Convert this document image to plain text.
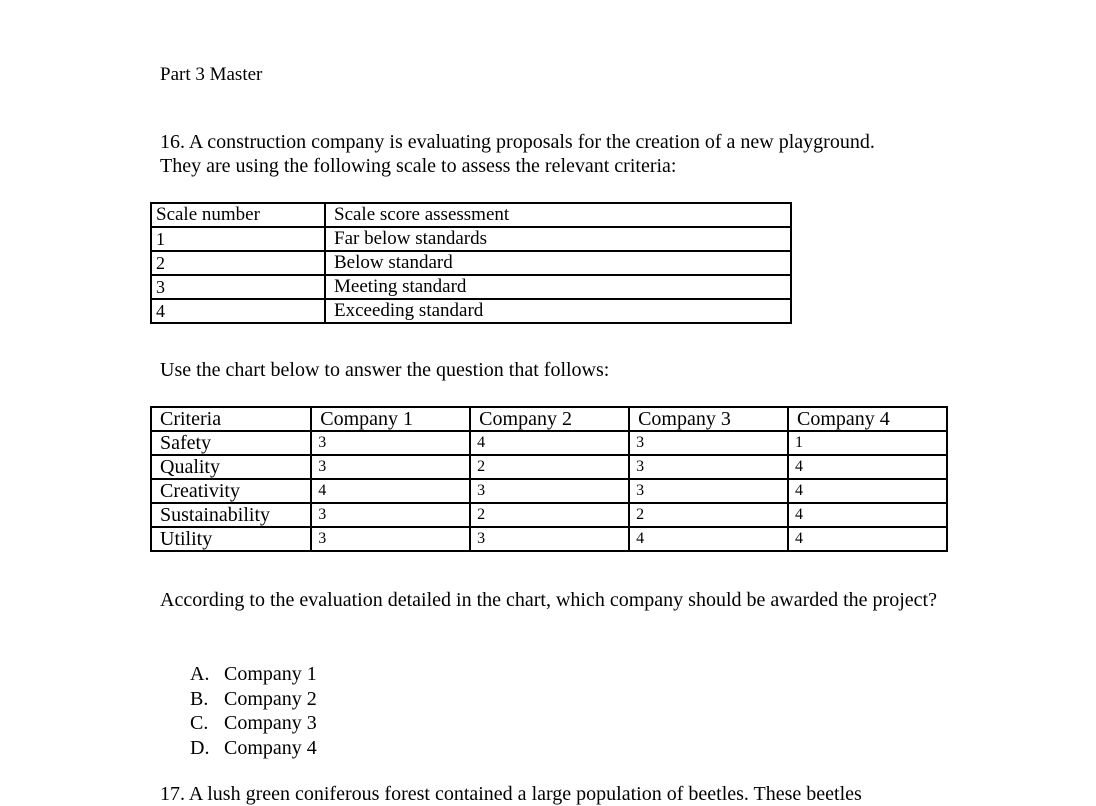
Part 3 Master
16. A construction company is evaluating proposals for the creation of a new playground. They are using the following scale to assess the relevant criteria:
Scale number	Scale score assessment
1	Far below standards
2	Below standard
3	Meeting standard
4	Exceeding standard
Use the chart below to answer the question that follows:
Criteria	Company 1	Company 2	Company 3	Company 4
Safety	3	4	3	1
Quality	3	2	3	4
Creativity	4	3	3	4
Sustainability	3	2	2	4
Utility	3	3	4	4
According to the evaluation detailed in the chart, which company should be awarded the project?
A. Company 1
B. Company 2
C. Company 3
D. Company 4
17. A lush green coniferous forest contained a large population of beetles. These beetles
